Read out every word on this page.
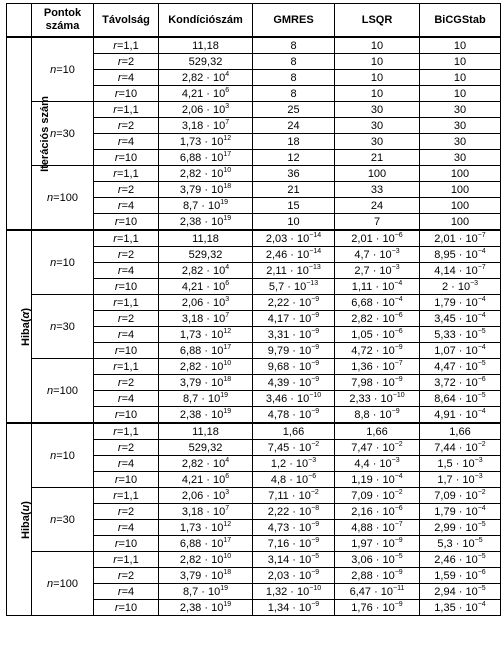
	Pontok száma	Távolság	Kondíciószám	GMRES	LSQR	BiCGStab
Iterációs szám	n=10	r=1,1	11,18	8	10	10
		r=2	529,32	8	10	10
		r=4	$2,82 \cdot 10^4$	8	10	10
		r=10	$4,21 \cdot 10^6$	8	10	10
	n=30	r=1,1	$2,06 \cdot 10^3$	25	30	30
		r=2	$3,18 \cdot 10^7$	24	30	30
		r=4	$1,73 \cdot 10^{12}$	18	30	30
		r=10	$6,88 \cdot 10^{17}$	12	21	30
	n=100	r=1,1	$2,82 \cdot 10^{10}$	36	100	100
		r=2	$3,79 \cdot 10^{18}$	21	33	100
		r=4	$8,7 \cdot 10^{19}$	15	24	100
		r=10	$2,38 \cdot 10^{19}$	10	7	100
Hiba(α)	n=10	r=1,1	11,18	$2,03 \cdot 10^{-14}$	$2,01 \cdot 10^{-6}$	$2,01 \cdot 10^{-7}$
		r=2	529,32	$2,46 \cdot 10^{-14}$	$4,7 \cdot 10^{-3}$	$8,95 \cdot 10^{-4}$
		r=4	$2,82 \cdot 10^4$	$2,11 \cdot 10^{-13}$	$2,7 \cdot 10^{-3}$	$4,14 \cdot 10^{-7}$
		r=10	$4,21 \cdot 10^6$	$5,7 \cdot 10^{-13}$	$1,11 \cdot 10^{-4}$	$2 \cdot 10^{-3}$
	n=30	r=1,1	$2,06 \cdot 10^3$	$2,22 \cdot 10^{-9}$	$6,68 \cdot 10^{-4}$	$1,79 \cdot 10^{-4}$
		r=2	$3,18 \cdot 10^7$	$4,17 \cdot 10^{-9}$	$2,82 \cdot 10^{-6}$	$3,45 \cdot 10^{-4}$
		r=4	$1,73 \cdot 10^{12}$	$3,31 \cdot 10^{-9}$	$1,05 \cdot 10^{-6}$	$5,33 \cdot 10^{-5}$
		r=10	$6,88 \cdot 10^{17}$	$9,79 \cdot 10^{-9}$	$4,72 \cdot 10^{-9}$	$1,07 \cdot 10^{-4}$
	n=100	r=1,1	$2,82 \cdot 10^{10}$	$9,68 \cdot 10^{-9}$	$1,36 \cdot 10^{-7}$	$4,47 \cdot 10^{-5}$
		r=2	$3,79 \cdot 10^{18}$	$4,39 \cdot 10^{-9}$	$7,98 \cdot 10^{-9}$	$3,72 \cdot 10^{-6}$
		r=4	$8,7 \cdot 10^{19}$	$3,46 \cdot 10^{-10}$	$2,33 \cdot 10^{-10}$	$8,64 \cdot 10^{-5}$
		r=10	$2,38 \cdot 10^{19}$	$4,78 \cdot 10^{-9}$	$8,8 \cdot 10^{-9}$	$4,91 \cdot 10^{-4}$
Hiba(u)	n=10	r=1,1	11,18	1,66	1,66	1,66
		r=2	529,32	$7,45 \cdot 10^{-2}$	$7,47 \cdot 10^{-2}$	$7,44 \cdot 10^{-2}$
		r=4	$2,82 \cdot 10^4$	$1,2 \cdot 10^{-3}$	$4,4 \cdot 10^{-3}$	$1,5 \cdot 10^{-3}$
		r=10	$4,21 \cdot 10^6$	$4,8 \cdot 10^{-6}$	$1,19 \cdot 10^{-4}$	$1,7 \cdot 10^{-3}$
	n=30	r=1,1	$2,06 \cdot 10^3$	$7,11 \cdot 10^{-2}$	$7,09 \cdot 10^{-2}$	$7,09 \cdot 10^{-2}$
		r=2	$3,18 \cdot 10^7$	$2,22 \cdot 10^{-8}$	$2,16 \cdot 10^{-6}$	$1,79 \cdot 10^{-4}$
		r=4	$1,73 \cdot 10^{12}$	$4,73 \cdot 10^{-9}$	$4,88 \cdot 10^{-7}$	$2,99 \cdot 10^{-5}$
		r=10	$6,88 \cdot 10^{17}$	$7,16 \cdot 10^{-9}$	$1,97 \cdot 10^{-9}$	$5,3 \cdot 10^{-5}$
	n=100	r=1,1	$2,82 \cdot 10^{10}$	$3,14 \cdot 10^{-5}$	$3,06 \cdot 10^{-5}$	$2,46 \cdot 10^{-5}$
		r=2	$3,79 \cdot 10^{18}$	$2,03 \cdot 10^{-9}$	$2,88 \cdot 10^{-9}$	$1,59 \cdot 10^{-6}$
		r=4	$8,7 \cdot 10^{19}$	$1,32 \cdot 10^{-10}$	$6,47 \cdot 10^{-11}$	$2,94 \cdot 10^{-5}$
		r=10	$2,38 \cdot 10^{19}$	$1,34 \cdot 10^{-9}$	$1,76 \cdot 10^{-9}$	$1,35 \cdot 10^{-4}$
